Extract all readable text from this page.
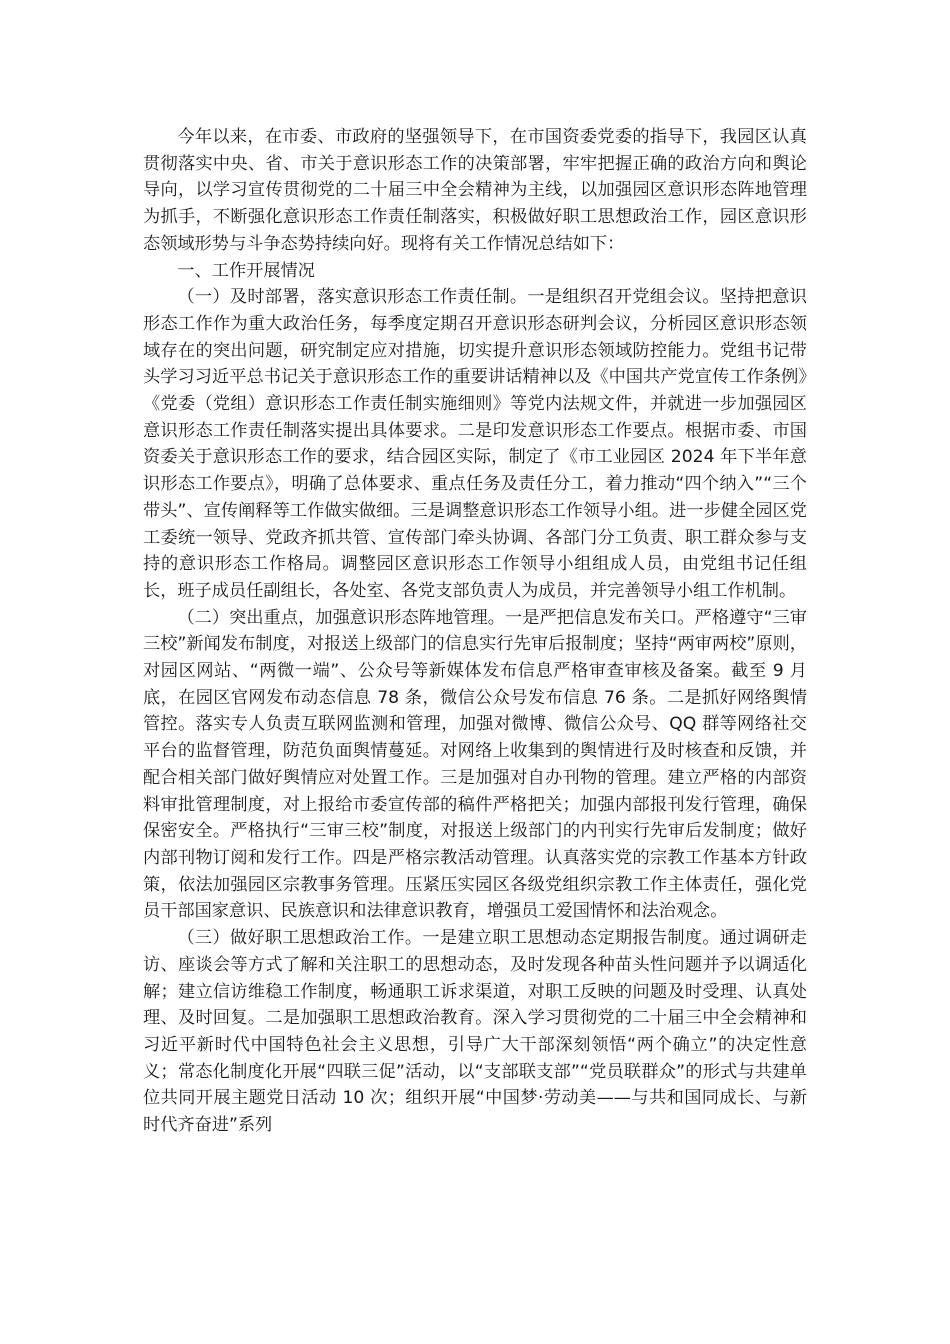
今年以来，在市委、市政府的坚强领导下，在市国资委党委的指导下，我园区认真贯彻落实中央、省、市关于意识形态工作的决策部署，牢牢把握正确的政治方向和舆论导向，以学习宣传贯彻党的二十届三中全会精神为主线，以加强园区意识形态阵地管理为抓手，不断强化意识形态工作责任制落实，积极做好职工思想政治工作，园区意识形态领域形势与斗争态势持续向好。现将有关工作情况总结如下：

一、工作开展情况

（一）及时部署，落实意识形态工作责任制。一是组织召开党组会议。坚持把意识形态工作作为重大政治任务，每季度定期召开意识形态研判会议，分析园区意识形态领域存在的突出问题，研究制定应对措施，切实提升意识形态领域防控能力。党组书记带头学习习近平总书记关于意识形态工作的重要讲话精神以及《中国共产党宣传工作条例》《党委（党组）意识形态工作责任制实施细则》等党内法规文件，并就进一步加强园区意识形态工作责任制落实提出具体要求。二是印发意识形态工作要点。根据市委、市国资委关于意识形态工作的要求，结合园区实际，制定了《市工业园区 2024 年下半年意识形态工作要点》，明确了总体要求、重点任务及责任分工，着力推动“四个纳入”“三个带头”、宣传阐释等工作做实做细。三是调整意识形态工作领导小组。进一步健全园区党工委统一领导、党政齐抓共管、宣传部门牵头协调、各部门分工负责、职工群众参与支持的意识形态工作格局。调整园区意识形态工作领导小组组成人员，由党组书记任组长，班子成员任副组长，各处室、各党支部负责人为成员，并完善领导小组工作机制。

（二）突出重点，加强意识形态阵地管理。一是严把信息发布关口。严格遵守“三审三校”新闻发布制度，对报送上级部门的信息实行先审后报制度；坚持“两审两校”原则，对园区网站、“两微一端”、公众号等新媒体发布信息严格审查审核及备案。截至 9 月底，在园区官网发布动态信息 78 条，微信公众号发布信息 76 条。二是抓好网络舆情管控。落实专人负责互联网监测和管理，加强对微博、微信公众号、QQ 群等网络社交平台的监督管理，防范负面舆情蔓延。对网络上收集到的舆情进行及时核查和反馈，并配合相关部门做好舆情应对处置工作。三是加强对自办刊物的管理。建立严格的内部资料审批管理制度，对上报给市委宣传部的稿件严格把关；加强内部报刊发行管理，确保保密安全。严格执行“三审三校”制度，对报送上级部门的内刊实行先审后发制度；做好内部刊物订阅和发行工作。四是严格宗教活动管理。认真落实党的宗教工作基本方针政策，依法加强园区宗教事务管理。压紧压实园区各级党组织宗教工作主体责任，强化党员干部国家意识、民族意识和法律意识教育，增强员工爱国情怀和法治观念。

（三）做好职工思想政治工作。一是建立职工思想动态定期报告制度。通过调研走访、座谈会等方式了解和关注职工的思想动态，及时发现各种苗头性问题并予以调适化解；建立信访维稳工作制度，畅通职工诉求渠道，对职工反映的问题及时受理、认真处理、及时回复。二是加强职工思想政治教育。深入学习贯彻党的二十届三中全会精神和习近平新时代中国特色社会主义思想，引导广大干部深刻领悟“两个确立”的决定性意义；常态化制度化开展“四联三促”活动，以“支部联支部”“党员联群众”的形式与共建单位共同开展主题党日活动 10 次；组织开展“中国梦·劳动美——与共和国同成长、与新时代齐奋进”系列
